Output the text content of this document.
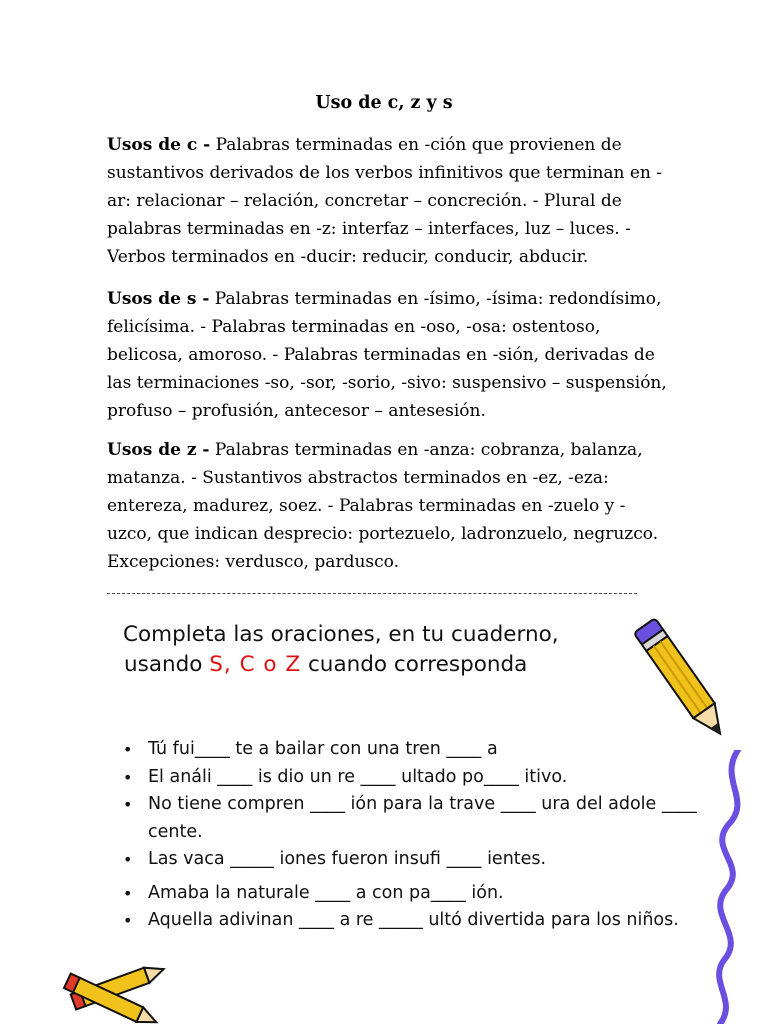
Uso de c, z y s

Usos de c - Palabras terminadas en -ción que provienen de sustantivos derivados de los verbos infinitivos que terminan en -ar: relacionar – relación, concretar – concreción. - Plural de palabras terminadas en -z: interfaz – interfaces, luz – luces. - Verbos terminados en -ducir: reducir, conducir, abducir.

Usos de s - Palabras terminadas en -ísimo, -ísima: redondísimo, felicísima. - Palabras terminadas en -oso, -osa: ostentoso, belicosa, amoroso. - Palabras terminadas en -sión, derivadas de las terminaciones -so, -sor, -sorio, -sivo: suspensivo – suspensión, profuso – profusión, antecesor – antesesión.

Usos de z - Palabras terminadas en -anza: cobranza, balanza, matanza. - Sustantivos abstractos terminados en -ez, -eza: entereza, madurez, soez. - Palabras terminadas en -zuelo y -uzco, que indican desprecio: portezuelo, ladronzuelo, negruzco. Excepciones: verdusco, pardusco.

Completa las oraciones, en tu cuaderno,
usando S, C o Z cuando corresponda
• Tú fui____ te a bailar con una tren ____ a
• El análi ____ is dio un re ____ ultado po____ itivo.
• No tiene compren ____ ión para la trave ____ ura del adole ____ cente.
• Las vaca _____ iones fueron insufi ____ ientes.
• Amaba la naturale ____ a con pa____ ión.
• Aquella adivinan ____ a re _____ ultó divertida para los niños.
